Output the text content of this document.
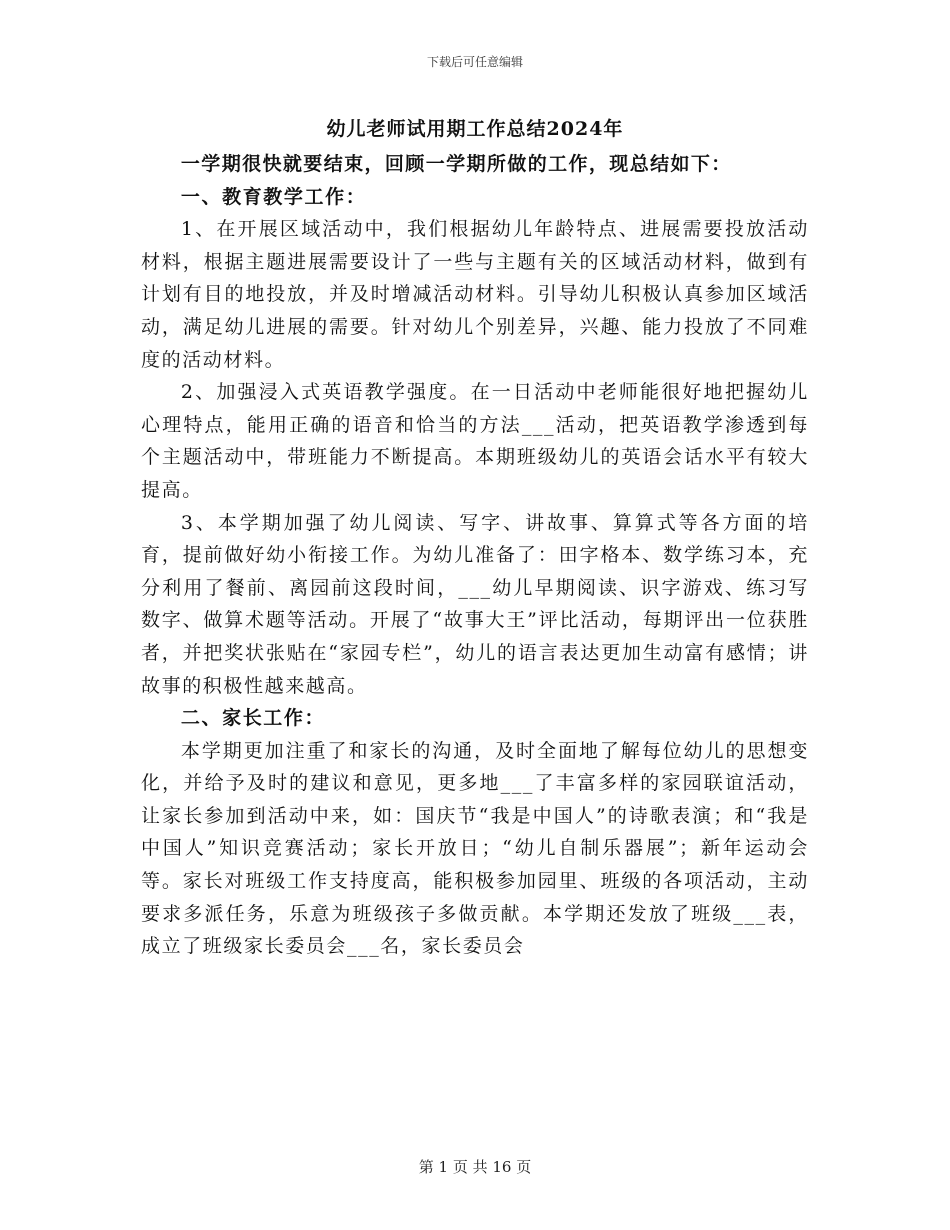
下载后可任意编辑
幼儿老师试用期工作总结2024年

一学期很快就要结束，回顾一学期所做的工作，现总结如下：

一、教育教学工作：

1、在开展区域活动中，我们根据幼儿年龄特点、进展需要投放活动材料，根据主题进展需要设计了一些与主题有关的区域活动材料，做到有计划有目的地投放，并及时增减活动材料。引导幼儿积极认真参加区域活动，满足幼儿进展的需要。针对幼儿个别差异，兴趣、能力投放了不同难度的活动材料。

2、加强浸入式英语教学强度。在一日活动中老师能很好地把握幼儿心理特点，能用正确的语音和恰当的方法___活动，把英语教学渗透到每个主题活动中，带班能力不断提高。本期班级幼儿的英语会话水平有较大提高。

3、本学期加强了幼儿阅读、写字、讲故事、算算式等各方面的培育，提前做好幼小衔接工作。为幼儿准备了：田字格本、数学练习本，充分利用了餐前、离园前这段时间，___幼儿早期阅读、识字游戏、练习写数字、做算术题等活动。开展了“故事大王”评比活动，每期评出一位获胜者，并把奖状张贴在“家园专栏”，幼儿的语言表达更加生动富有感情；讲故事的积极性越来越高。

二、家长工作：

本学期更加注重了和家长的沟通，及时全面地了解每位幼儿的思想变化，并给予及时的建议和意见，更多地___了丰富多样的家园联谊活动，让家长参加到活动中来，如：国庆节“我是中国人”的诗歌表演；和“我是中国人”知识竞赛活动；家长开放日；“幼儿自制乐器展”；新年运动会等。家长对班级工作支持度高，能积极参加园里、班级的各项活动，主动要求多派任务，乐意为班级孩子多做贡献。本学期还发放了班级___表，成立了班级家长委员会___名，家长委员会

第 1 页 共 16 页
